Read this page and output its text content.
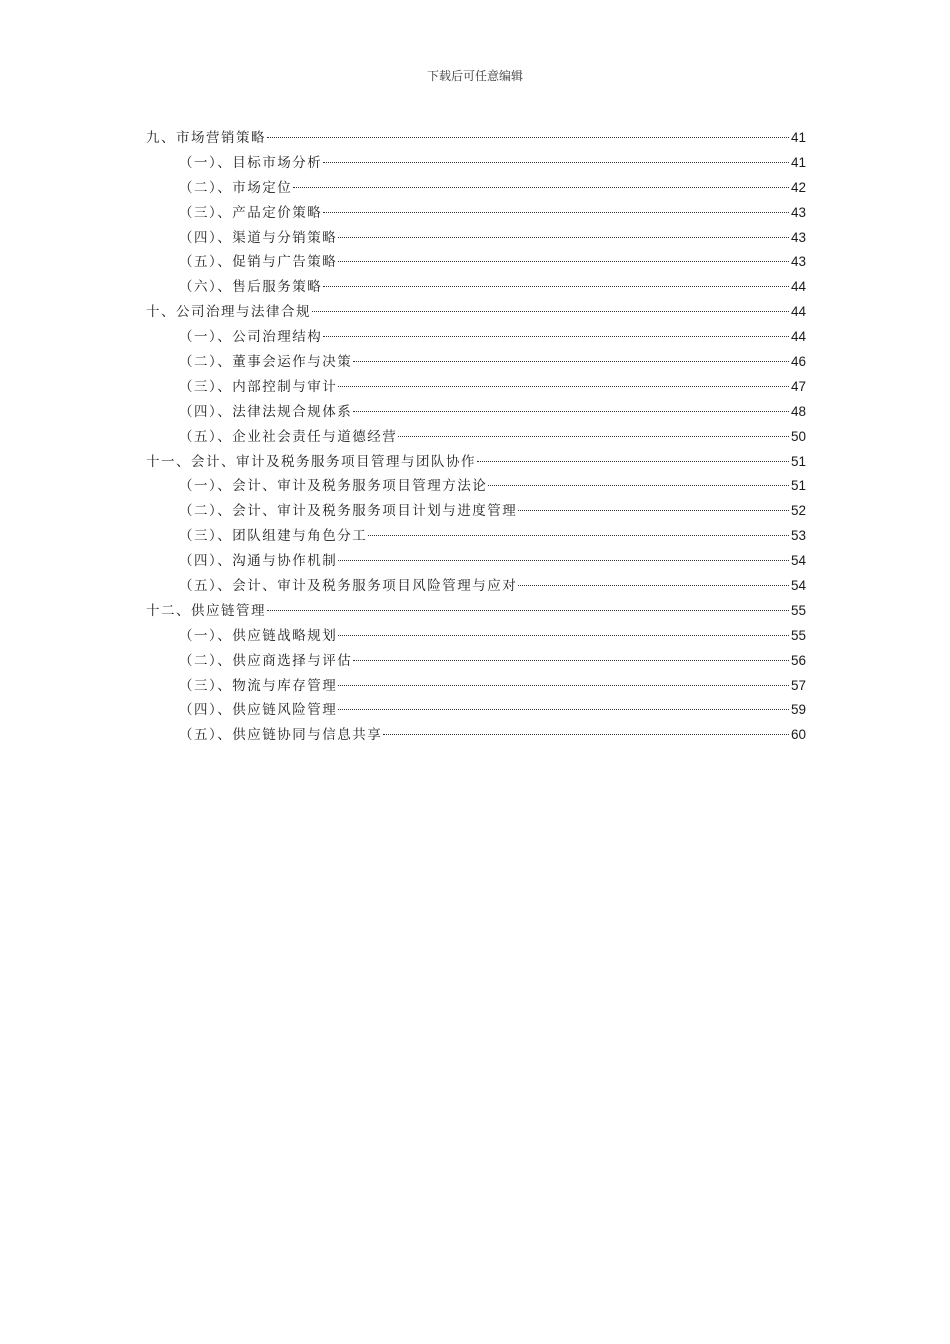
下载后可任意编辑
九、市场营销策略	41
（一）、目标市场分析	41
（二）、市场定位	42
（三）、产品定价策略	43
（四）、渠道与分销策略	43
（五）、促销与广告策略	43
（六）、售后服务策略	44
十、公司治理与法律合规	44
（一）、公司治理结构	44
（二）、董事会运作与决策	46
（三）、内部控制与审计	47
（四）、法律法规合规体系	48
（五）、企业社会责任与道德经营	50
十一、会计、审计及税务服务项目管理与团队协作	51
（一）、会计、审计及税务服务项目管理方法论	51
（二）、会计、审计及税务服务项目计划与进度管理	52
（三）、团队组建与角色分工	53
（四）、沟通与协作机制	54
（五）、会计、审计及税务服务项目风险管理与应对	54
十二、供应链管理	55
（一）、供应链战略规划	55
（二）、供应商选择与评估	56
（三）、物流与库存管理	57
（四）、供应链风险管理	59
（五）、供应链协同与信息共享	60
